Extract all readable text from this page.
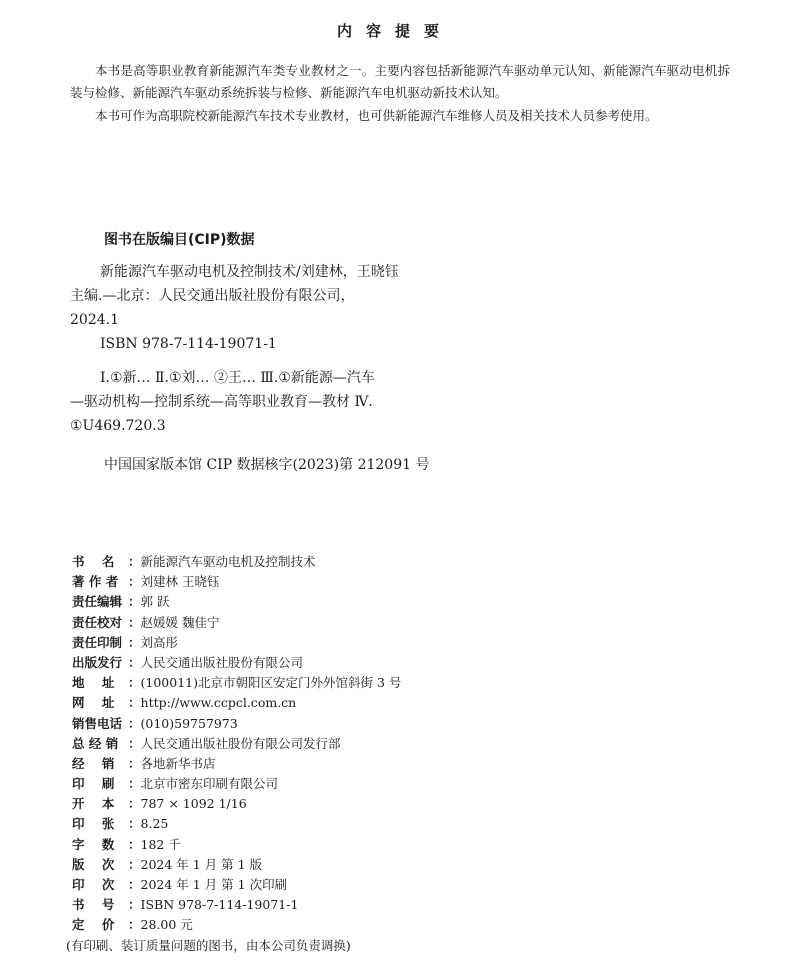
内容提要

本书是高等职业教育新能源汽车类专业教材之一。主要内容包括新能源汽车驱动单元认知、新能源汽车驱动电机拆装与检修、新能源汽车驱动系统拆装与检修、新能源汽车电机驱动新技术认知。

本书可作为高职院校新能源汽车技术专业教材，也可供新能源汽车维修人员及相关技术人员参考使用。

图书在版编目(CIP)数据
新能源汽车驱动电机及控制技术/刘建林，王晓钰
主编.—北京：人民交通出版社股份有限公司，
2024.1
ISBN 978-7-114-19071-1
Ⅰ.①新… Ⅱ.①刘… ②王… Ⅲ.①新能源—汽车
—驱动机构—控制系统—高等职业教育—教材 Ⅳ.
①U469.720.3
中国国家版本馆 CIP 数据核字(2023)第 212091 号
书    名	： 新能源汽车驱动电机及控制技术
著 作 者 ： 刘建林 王晓钰
责任编辑 ： 郭 跃
责任校对 ： 赵媛媛 魏佳宁
责任印制 ： 刘高彤
出版发行 ： 人民交通出版社股份有限公司
地    址	： (100011)北京市朝阳区安定门外外馆斜街 3 号
网    址	： http://www.ccpcl.com.cn
销售电话 ： (010)59757973
总 经 销 ： 人民交通出版社股份有限公司发行部
经    销	： 各地新华书店
印    刷	： 北京市密东印刷有限公司
开    本	： 787 × 1092 1/16
印    张	： 8.25
字    数	： 182 千
版    次	： 2024 年 1 月 第 1 版
印    次	： 2024 年 1 月 第 1 次印刷
书    号	： ISBN 978-7-114-19071-1
定    价	： 28.00 元
(有印刷、装订质量问题的图书，由本公司负责调换)
